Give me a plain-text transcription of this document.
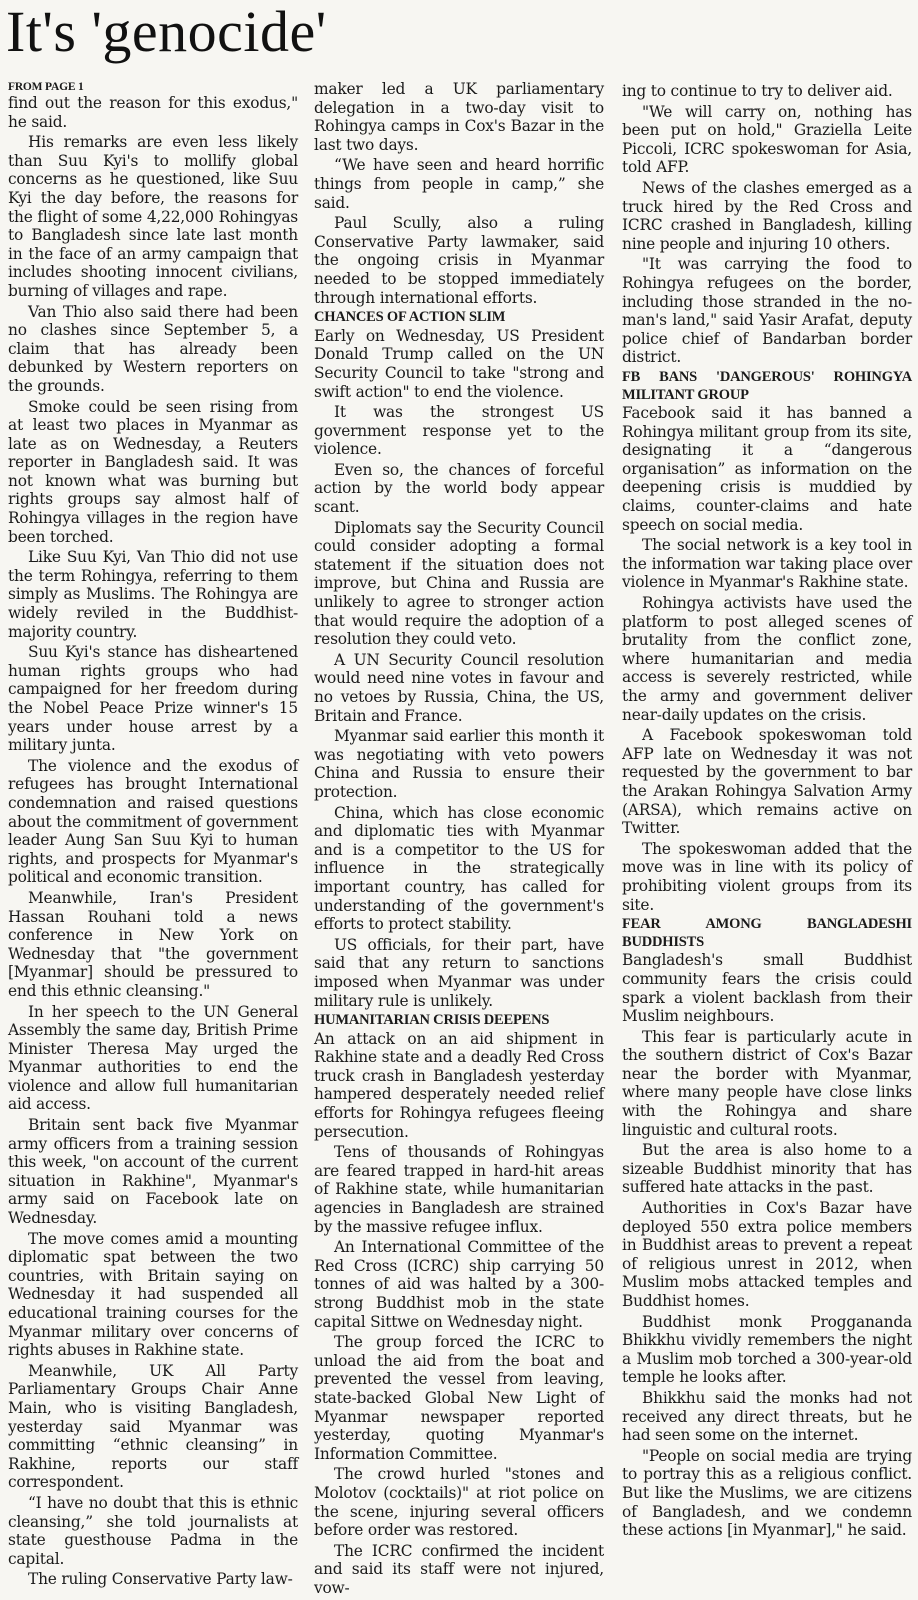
It's 'genocide'
FROM PAGE 1

find out the reason for this exodus," he said.

His remarks are even less likely than Suu Kyi's to mollify global concerns as he questioned, like Suu Kyi the day before, the reasons for the flight of some 4,22,000 Rohingyas to Bangladesh since late last month in the face of an army campaign that includes shooting innocent civilians, burning of villages and rape.

Van Thio also said there had been no clashes since September 5, a claim that has already been debunked by Western reporters on the grounds.

Smoke could be seen rising from at least two places in Myanmar as late as on Wednesday, a Reuters reporter in Bangladesh said. It was not known what was burning but rights groups say almost half of Rohingya villages in the region have been torched.

Like Suu Kyi, Van Thio did not use the term Rohingya, referring to them simply as Muslims. The Rohingya are widely reviled in the Buddhist-majority country.

Suu Kyi's stance has disheartened human rights groups who had campaigned for her freedom during the Nobel Peace Prize winner's 15 years under house arrest by a military junta.

The violence and the exodus of refugees has brought International condemnation and raised questions about the commitment of government leader Aung San Suu Kyi to human rights, and prospects for Myanmar's political and economic transition.

Meanwhile, Iran's President Hassan Rouhani told a news conference in New York on Wednesday that "the government [Myanmar] should be pressured to end this ethnic cleansing."

In her speech to the UN General Assembly the same day, British Prime Minister Theresa May urged the Myanmar authorities to end the violence and allow full humanitarian aid access.

Britain sent back five Myanmar army officers from a training session this week, "on account of the current situation in Rakhine", Myanmar's army said on Facebook late on Wednesday.

The move comes amid a mounting diplomatic spat between the two countries, with Britain saying on Wednesday it had suspended all educational training courses for the Myanmar military over concerns of rights abuses in Rakhine state.

Meanwhile, UK All Party Parliamentary Groups Chair Anne Main, who is visiting Bangladesh, yesterday said Myanmar was committing “ethnic cleansing” in Rakhine, reports our staff correspondent.

“I have no doubt that this is ethnic cleansing,” she told journalists at state guesthouse Padma in the capital.

The ruling Conservative Party law-

maker led a UK parliamentary delegation in a two-day visit to Rohingya camps in Cox's Bazar in the last two days.

“We have seen and heard horrific things from people in camp,” she said.

Paul Scully, also a ruling Conservative Party lawmaker, said the ongoing crisis in Myanmar needed to be stopped immediately through international efforts.

CHANCES OF ACTION SLIM

Early on Wednesday, US President Donald Trump called on the UN Security Council to take "strong and swift action" to end the violence.

It was the strongest US government response yet to the violence.

Even so, the chances of forceful action by the world body appear scant.

Diplomats say the Security Council could consider adopting a formal statement if the situation does not improve, but China and Russia are unlikely to agree to stronger action that would require the adoption of a resolution they could veto.

A UN Security Council resolution would need nine votes in favour and no vetoes by Russia, China, the US, Britain and France.

Myanmar said earlier this month it was negotiating with veto powers China and Russia to ensure their protection.

China, which has close economic and diplomatic ties with Myanmar and is a competitor to the US for influence in the strategically important country, has called for understanding of the government's efforts to protect stability.

US officials, for their part, have said that any return to sanctions imposed when Myanmar was under military rule is unlikely.

HUMANITARIAN CRISIS DEEPENS

An attack on an aid shipment in Rakhine state and a deadly Red Cross truck crash in Bangladesh yesterday hampered desperately needed relief efforts for Rohingya refugees fleeing persecution.

Tens of thousands of Rohingyas are feared trapped in hard-hit areas of Rakhine state, while humanitarian agencies in Bangladesh are strained by the massive refugee influx.

An International Committee of the Red Cross (ICRC) ship carrying 50 tonnes of aid was halted by a 300-strong Buddhist mob in the state capital Sittwe on Wednesday night.

The group forced the ICRC to unload the aid from the boat and prevented the vessel from leaving, state-backed Global New Light of Myanmar newspaper reported yesterday, quoting Myanmar's Information Committee.

The crowd hurled "stones and Molotov (cocktails)" at riot police on the scene, injuring several officers before order was restored.

The ICRC confirmed the incident and said its staff were not injured, vow-

ing to continue to try to deliver aid.

"We will carry on, nothing has been put on hold," Graziella Leite Piccoli, ICRC spokeswoman for Asia, told AFP.

News of the clashes emerged as a truck hired by the Red Cross and ICRC crashed in Bangladesh, killing nine people and injuring 10 others.

"It was carrying the food to Rohingya refugees on the border, including those stranded in the no-man's land," said Yasir Arafat, deputy police chief of Bandarban border district.

FB BANS 'DANGEROUS' ROHINGYA MILITANT GROUP

Facebook said it has banned a Rohingya militant group from its site, designating it a “dangerous organisation” as information on the deepening crisis is muddied by claims, counter-claims and hate speech on social media.

The social network is a key tool in the information war taking place over violence in Myanmar's Rakhine state.

Rohingya activists have used the platform to post alleged scenes of brutality from the conflict zone, where humanitarian and media access is severely restricted, while the army and government deliver near-daily updates on the crisis.

A Facebook spokeswoman told AFP late on Wednesday it was not requested by the government to bar the Arakan Rohingya Salvation Army (ARSA), which remains active on Twitter.

The spokeswoman added that the move was in line with its policy of prohibiting violent groups from its site.

FEAR AMONG BANGLADESHI BUDDHISTS

Bangladesh's small Buddhist community fears the crisis could spark a violent backlash from their Muslim neighbours.

This fear is particularly acute in the southern district of Cox's Bazar near the border with Myanmar, where many people have close links with the Rohingya and share linguistic and cultural roots.

But the area is also home to a sizeable Buddhist minority that has suffered hate attacks in the past.

Authorities in Cox's Bazar have deployed 550 extra police members in Buddhist areas to prevent a repeat of religious unrest in 2012, when Muslim mobs attacked temples and Buddhist homes.

Buddhist monk Proggananda Bhikkhu vividly remembers the night a Muslim mob torched a 300-year-old temple he looks after.

Bhikkhu said the monks had not received any direct threats, but he had seen some on the internet.

"People on social media are trying to portray this as a religious conflict. But like the Muslims, we are citizens of Bangladesh, and we condemn these actions [in Myanmar]," he said.
